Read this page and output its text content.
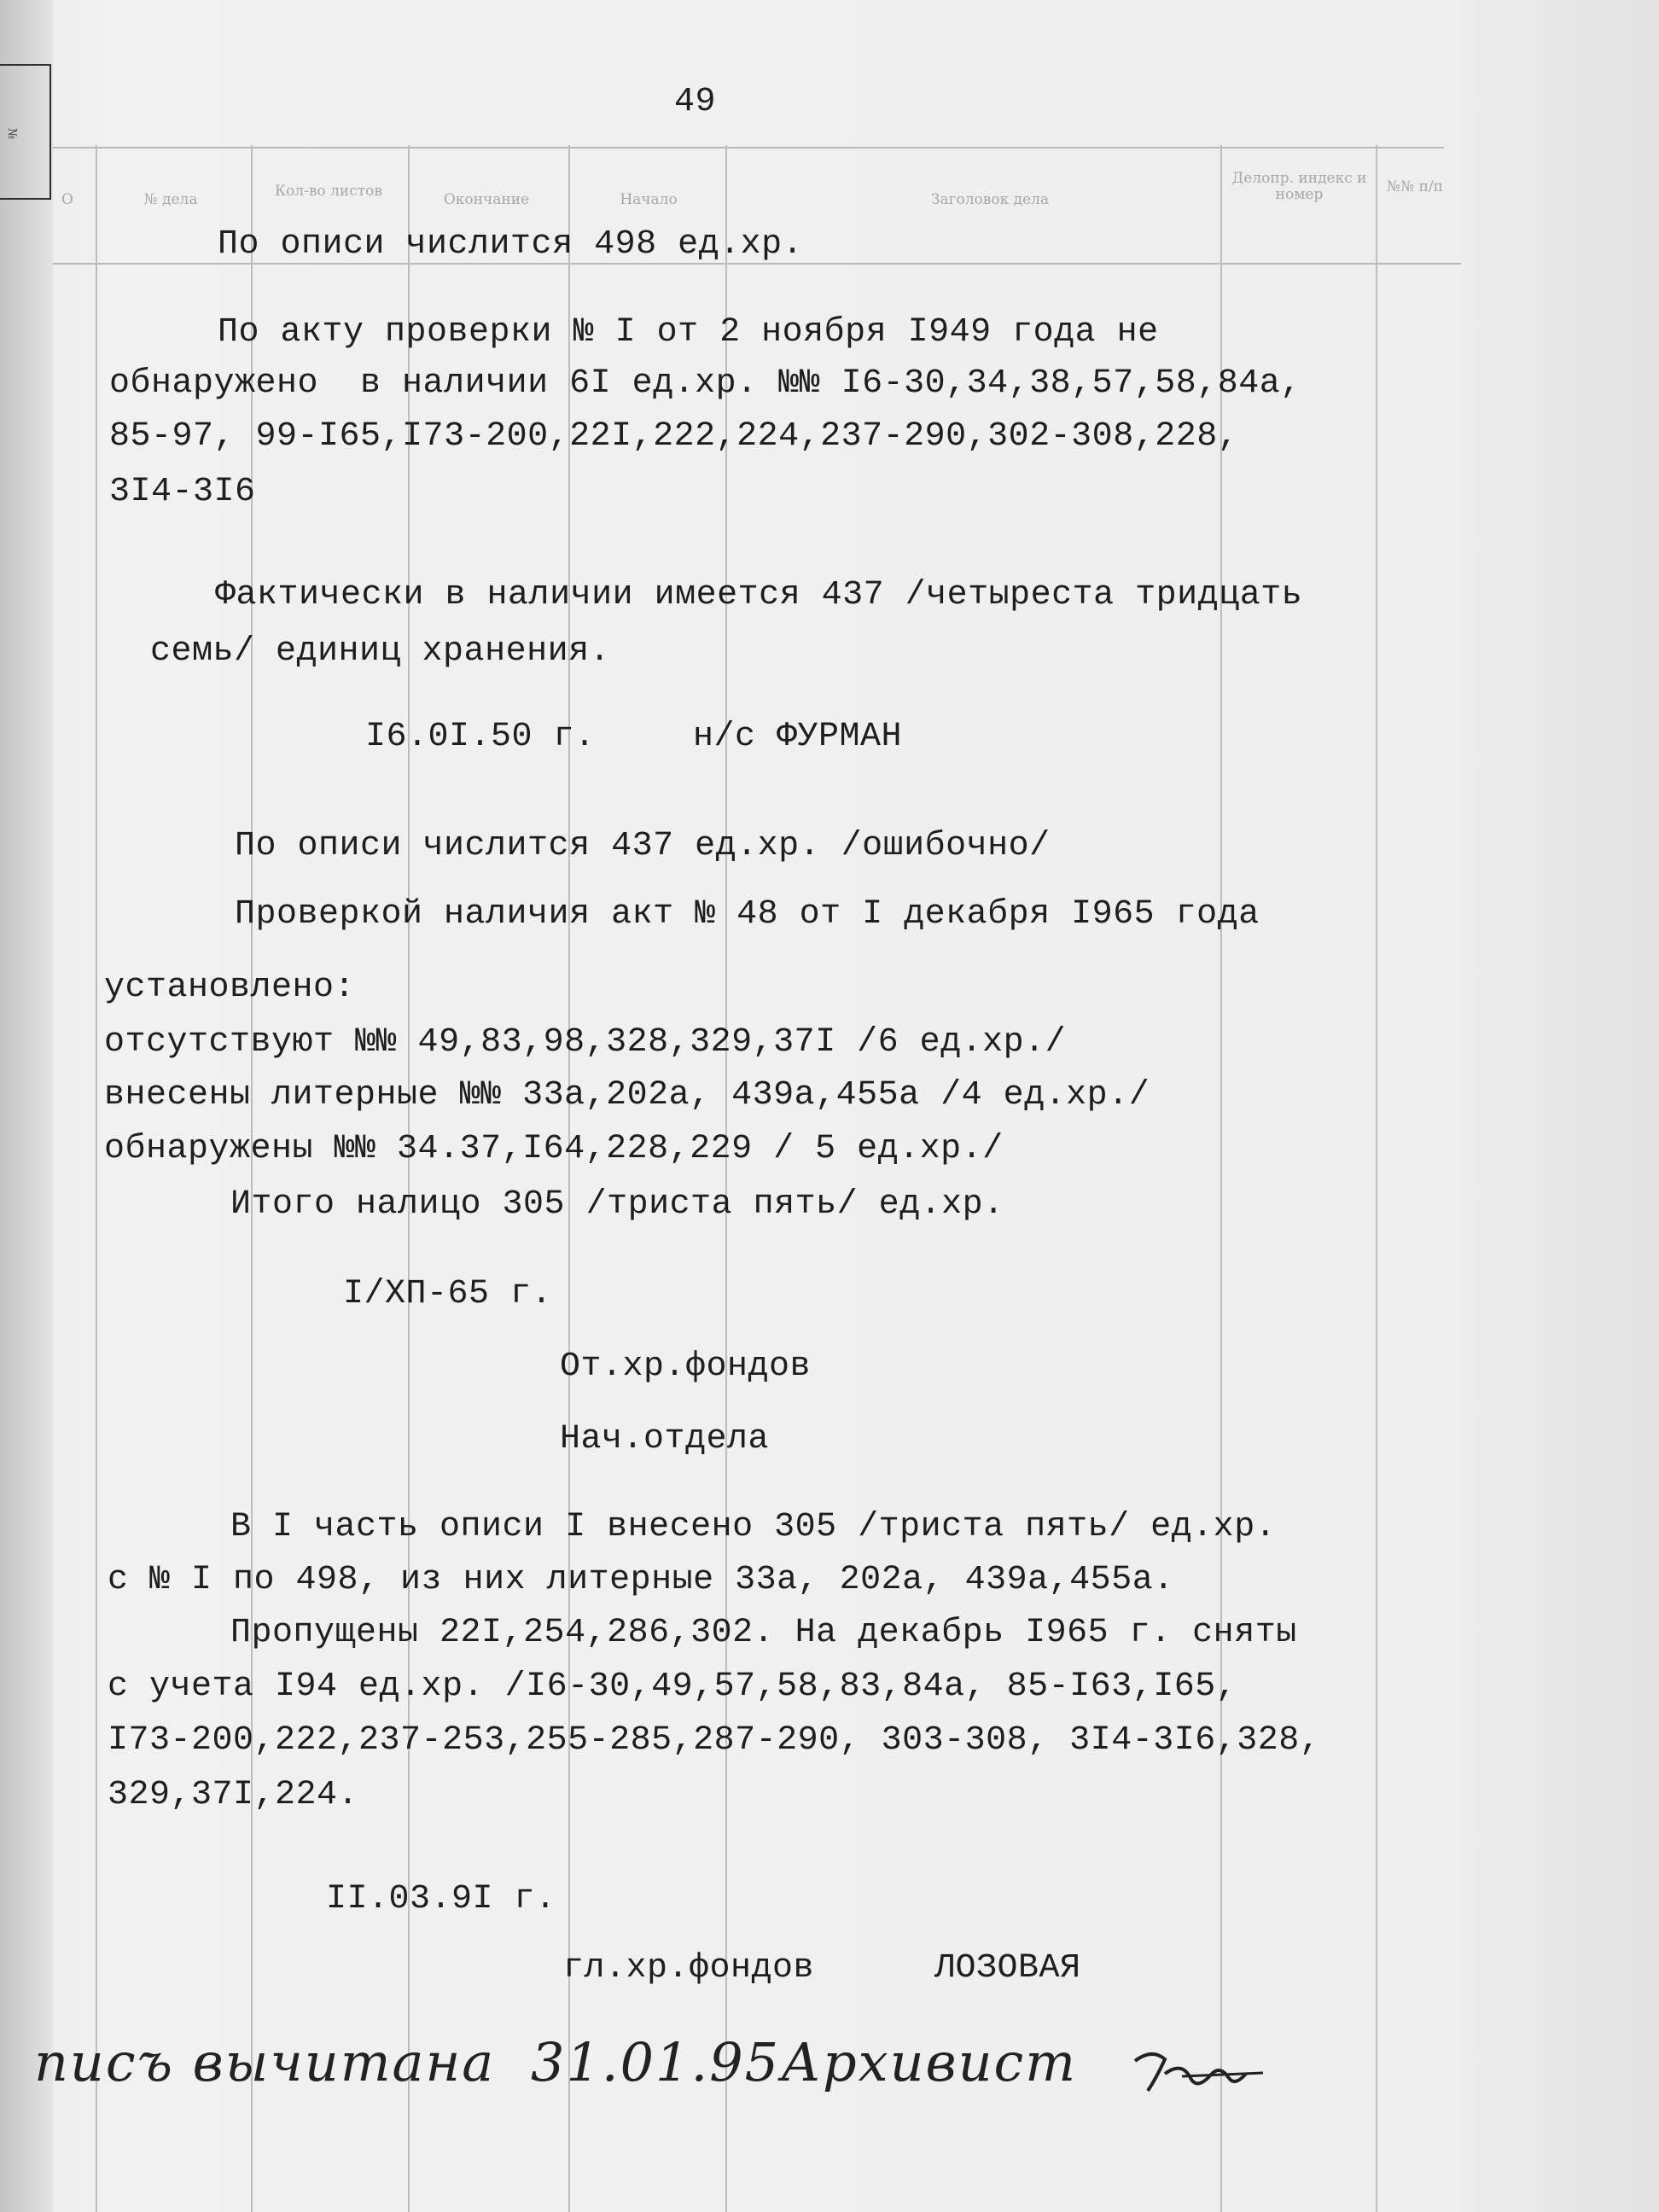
№
№№ п/п
Делопр. индекс и номер
Заголовок дела
Начало
Окончание
Кол-во листов
№ дела
О
49
По описи числится 498 ед.хр.
По акту проверки № I от 2 ноября I949 года не
обнаружено  в наличии 6I ед.хр. №№ I6-30,34,38,57,58,84а,
85-97, 99-I65,I73-200,22I,222,224,237-290,302-308,228,
3I4-3I6
Фактически в наличии имеется 437 /четыреста тридцать
семь/ единиц хранения.
I6.0I.50 г.	н/с ФУРМАН
По описи числится 437 ед.хр. /ошибочно/
Проверкой наличия акт № 48 от I декабря I965 года
установлено:
отсутствуют №№ 49,83,98,328,329,37I /6 ед.хр./
внесены литерные №№ 33а,202а, 439а,455а /4 ед.хр./
обнаружены №№ 34.37,I64,228,229 / 5 ед.хр./
Итого налицо 305 /триста пять/ ед.хр.
I/ХП-65 г.
От.хр.фондов
Нач.отдела
В I часть описи I внесено 305 /триста пять/ ед.хр.
с № I по 498, из них литерные 33а, 202а, 439а,455а.
Пропущены 22I,254,286,302. На декабрь I965 г. сняты
с учета I94 ед.хр. /I6-30,49,57,58,83,84а, 85-I63,I65,
I73-200,222,237-253,255-285,287-290, 303-308, 3I4-3I6,328,
329,37I,224.
II.03.9I г.
гл.хр.фондов	ЛОЗОВАЯ
писъ вычитана 31.01.95 Архивист
